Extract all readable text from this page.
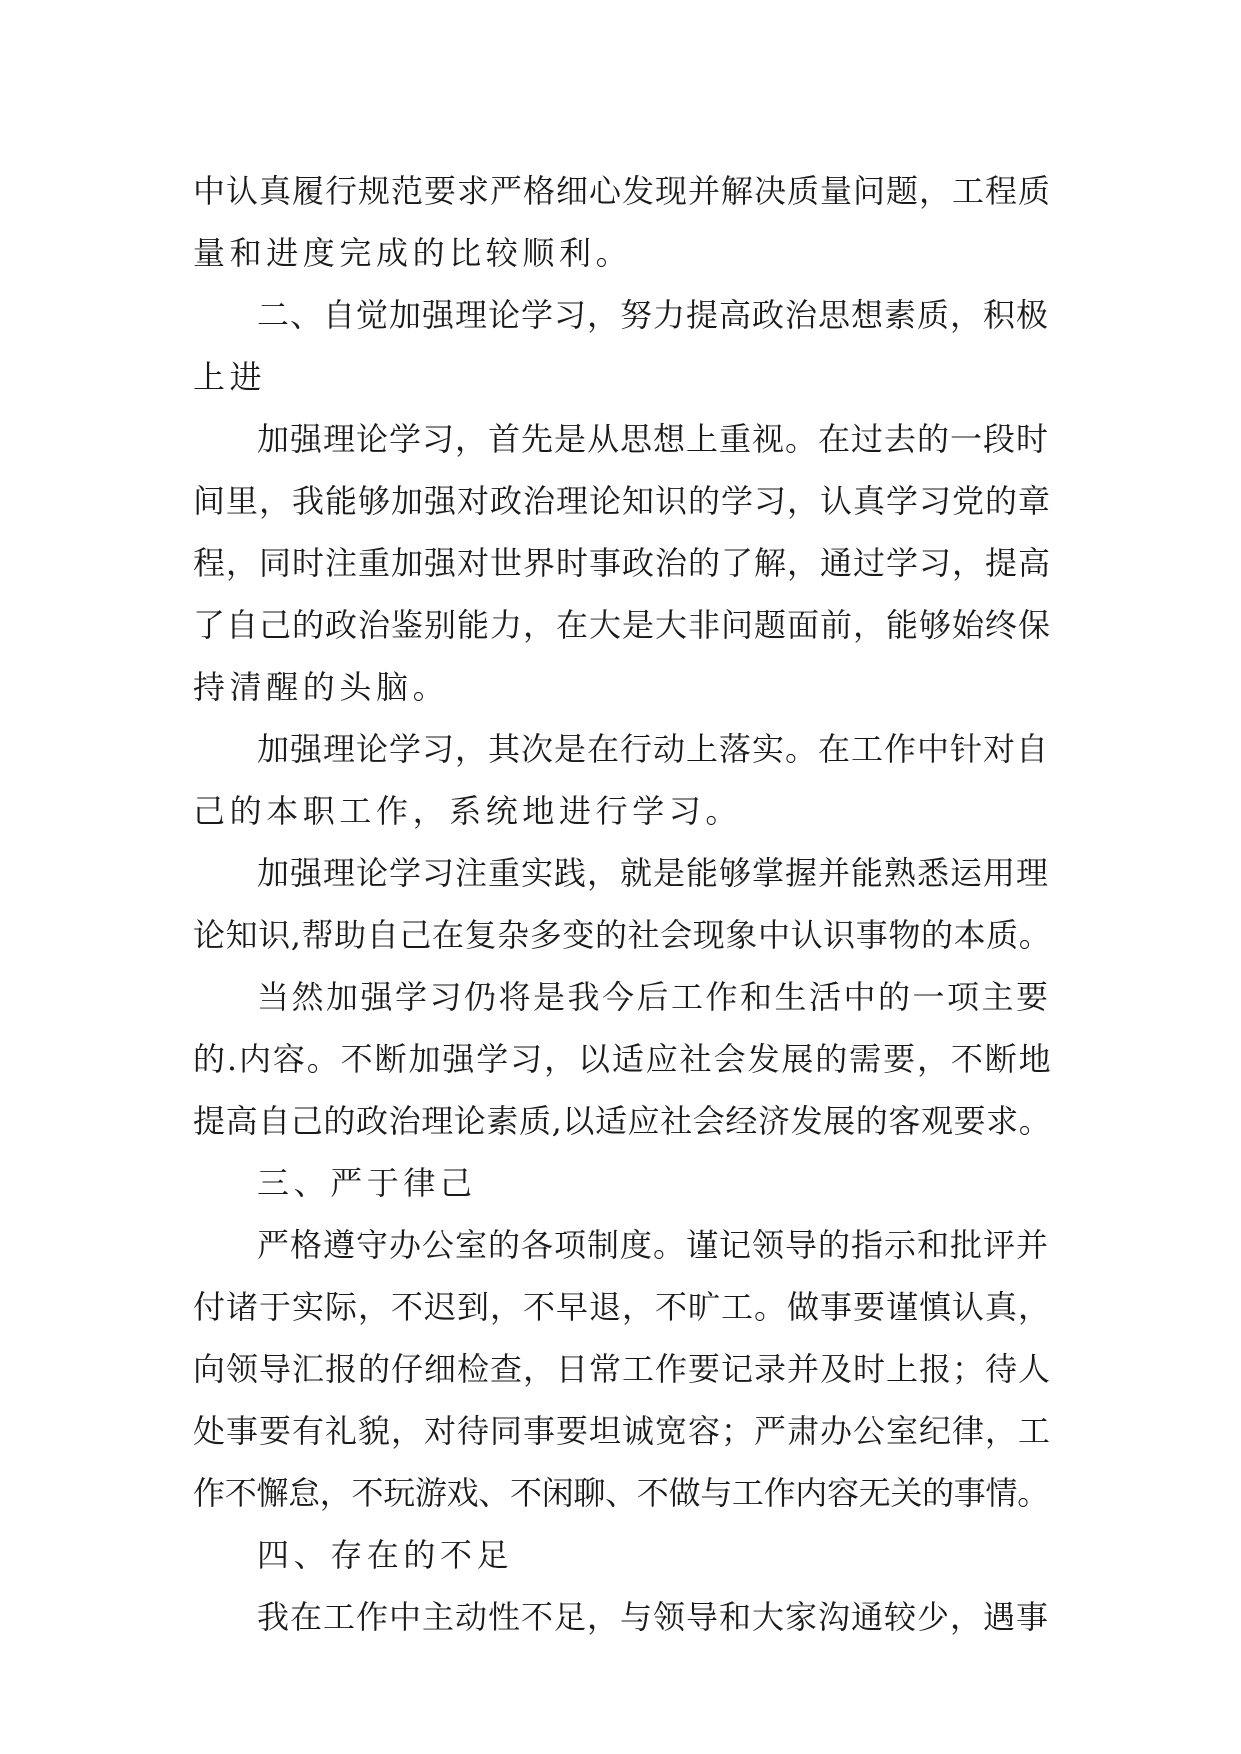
中认真履行规范要求严格细心发现并解决质量问题，工程质
量和进度完成的比较顺利。
二、自觉加强理论学习，努力提高政治思想素质，积极
上进
加强理论学习，首先是从思想上重视。在过去的一段时
间里，我能够加强对政治理论知识的学习，认真学习党的章
程，同时注重加强对世界时事政治的了解，通过学习，提高
了自己的政治鉴别能力，在大是大非问题面前，能够始终保
持清醒的头脑。
加强理论学习，其次是在行动上落实。在工作中针对自
己的本职工作，系统地进行学习。
加强理论学习注重实践，就是能够掌握并能熟悉运用理
论知识,帮助自己在复杂多变的社会现象中认识事物的本质。
当然加强学习仍将是我今后工作和生活中的一项主要
的.内容。不断加强学习，以适应社会发展的需要，不断地
提高自己的政治理论素质,以适应社会经济发展的客观要求。
三、严于律己
严格遵守办公室的各项制度。谨记领导的指示和批评并
付诸于实际，不迟到，不早退，不旷工。做事要谨慎认真，
向领导汇报的仔细检查，日常工作要记录并及时上报；待人
处事要有礼貌，对待同事要坦诚宽容；严肃办公室纪律，工
作不懈怠，不玩游戏、不闲聊、不做与工作内容无关的事情。
四、存在的不足
我在工作中主动性不足，与领导和大家沟通较少，遇事
